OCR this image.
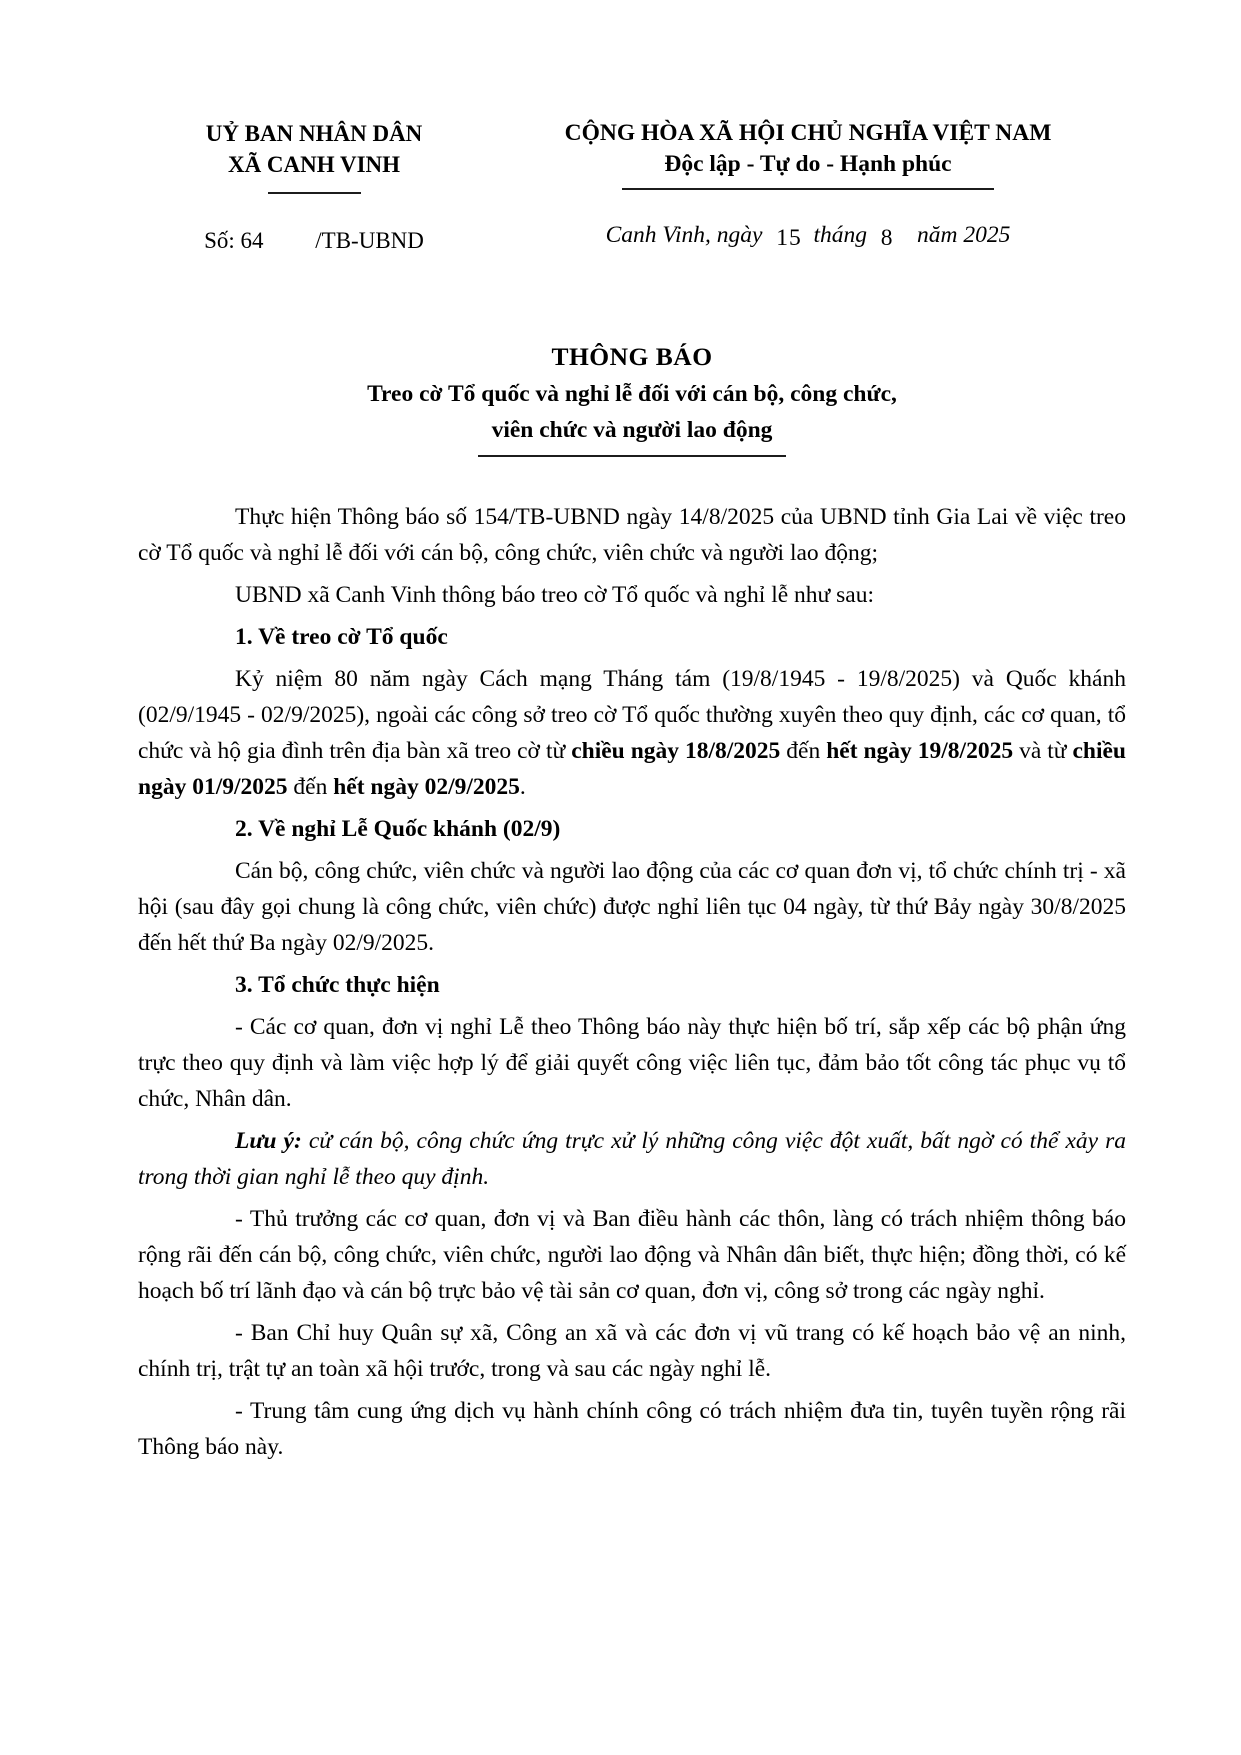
UỶ BAN NHÂN DÂN
XÃ CANH VINH
Số: 64         /TB-UBND
CỘNG HÒA XÃ HỘI CHỦ NGHĨA VIỆT NAM
Độc lập - Tự do - Hạnh phúc
Canh Vinh, ngày  15  tháng  8    năm 2025
THÔNG BÁO
Treo cờ Tổ quốc và nghỉ lễ đối với cán bộ, công chức,
viên chức và người lao động

Thực hiện Thông báo số 154/TB-UBND ngày 14/8/2025 của UBND tỉnh Gia Lai về việc treo cờ Tổ quốc và nghỉ lễ đối với cán bộ, công chức, viên chức và người lao động;

UBND xã Canh Vinh thông báo treo cờ Tổ quốc và nghỉ lễ như sau:

1. Về treo cờ Tổ quốc

Kỷ niệm 80 năm ngày Cách mạng Tháng tám (19/8/1945 - 19/8/2025) và Quốc khánh (02/9/1945 - 02/9/2025), ngoài các công sở treo cờ Tổ quốc thường xuyên theo quy định, các cơ quan, tổ chức và hộ gia đình trên địa bàn xã treo cờ từ chiều ngày 18/8/2025 đến hết ngày 19/8/2025 và từ chiều ngày 01/9/2025 đến hết ngày 02/9/2025.

2. Về nghỉ Lễ Quốc khánh (02/9)

Cán bộ, công chức, viên chức và người lao động của các cơ quan đơn vị, tổ chức chính trị - xã hội (sau đây gọi chung là công chức, viên chức) được nghỉ liên tục 04 ngày, từ thứ Bảy ngày 30/8/2025 đến hết thứ Ba ngày 02/9/2025.

3. Tổ chức thực hiện

- Các cơ quan, đơn vị nghỉ Lễ theo Thông báo này thực hiện bố trí, sắp xếp các bộ phận ứng trực theo quy định và làm việc hợp lý để giải quyết công việc liên tục, đảm bảo tốt công tác phục vụ tổ chức, Nhân dân.

Lưu ý: cử cán bộ, công chức ứng trực xử lý những công việc đột xuất, bất ngờ có thể xảy ra trong thời gian nghỉ lễ theo quy định.

- Thủ trưởng các cơ quan, đơn vị và Ban điều hành các thôn, làng có trách nhiệm thông báo rộng rãi đến cán bộ, công chức, viên chức, người lao động và Nhân dân biết, thực hiện; đồng thời, có kế hoạch bố trí lãnh đạo và cán bộ trực bảo vệ tài sản cơ quan, đơn vị, công sở trong các ngày nghỉ.

- Ban Chỉ huy Quân sự xã, Công an xã và các đơn vị vũ trang có kế hoạch bảo vệ an ninh, chính trị, trật tự an toàn xã hội trước, trong và sau các ngày nghỉ lễ.

- Trung tâm cung ứng dịch vụ hành chính công có trách nhiệm đưa tin, tuyên tuyền rộng rãi Thông báo này.
